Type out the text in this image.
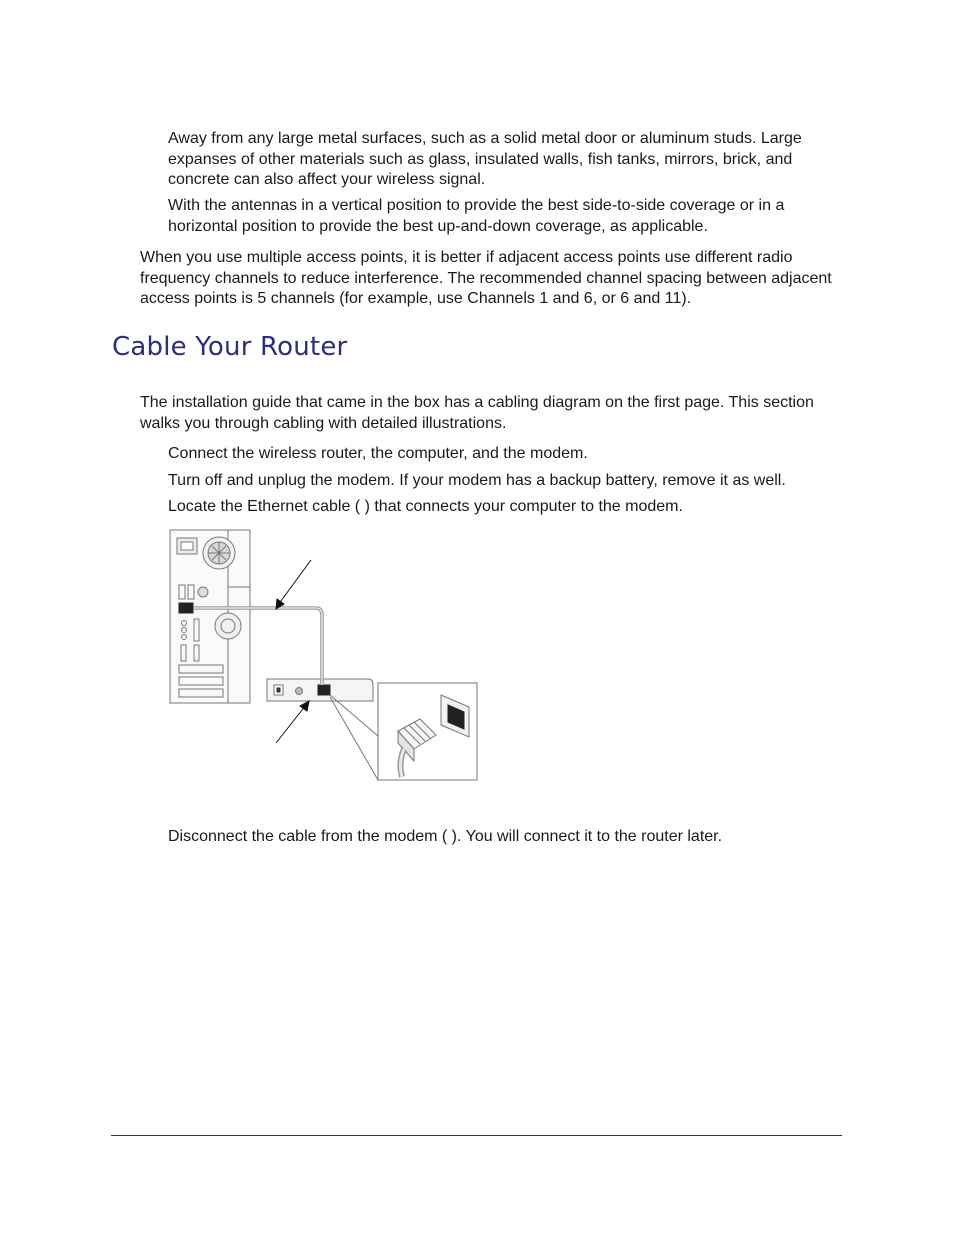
Away from any large metal surfaces, such as a solid metal door or aluminum studs. Large expanses of other materials such as glass, insulated walls, fish tanks, mirrors, brick, and concrete can also affect your wireless signal.

With the antennas in a vertical position to provide the best side-to-side coverage or in a horizontal position to provide the best up-and-down coverage, as applicable.

When you use multiple access points, it is better if adjacent access points use different radio frequency channels to reduce interference. The recommended channel spacing between adjacent access points is 5 channels (for example, use Channels 1 and 6, or 6 and 11).

Cable Your Router

The installation guide that came in the box has a cabling diagram on the first page. This section walks you through cabling with detailed illustrations.

Connect the wireless router, the computer, and the modem.

Turn off and unplug the modem. If your modem has a backup battery, remove it as well.

Locate the Ethernet cable ( ) that connects your computer to the modem.

Disconnect the cable from the modem ( ). You will connect it to the router later.
